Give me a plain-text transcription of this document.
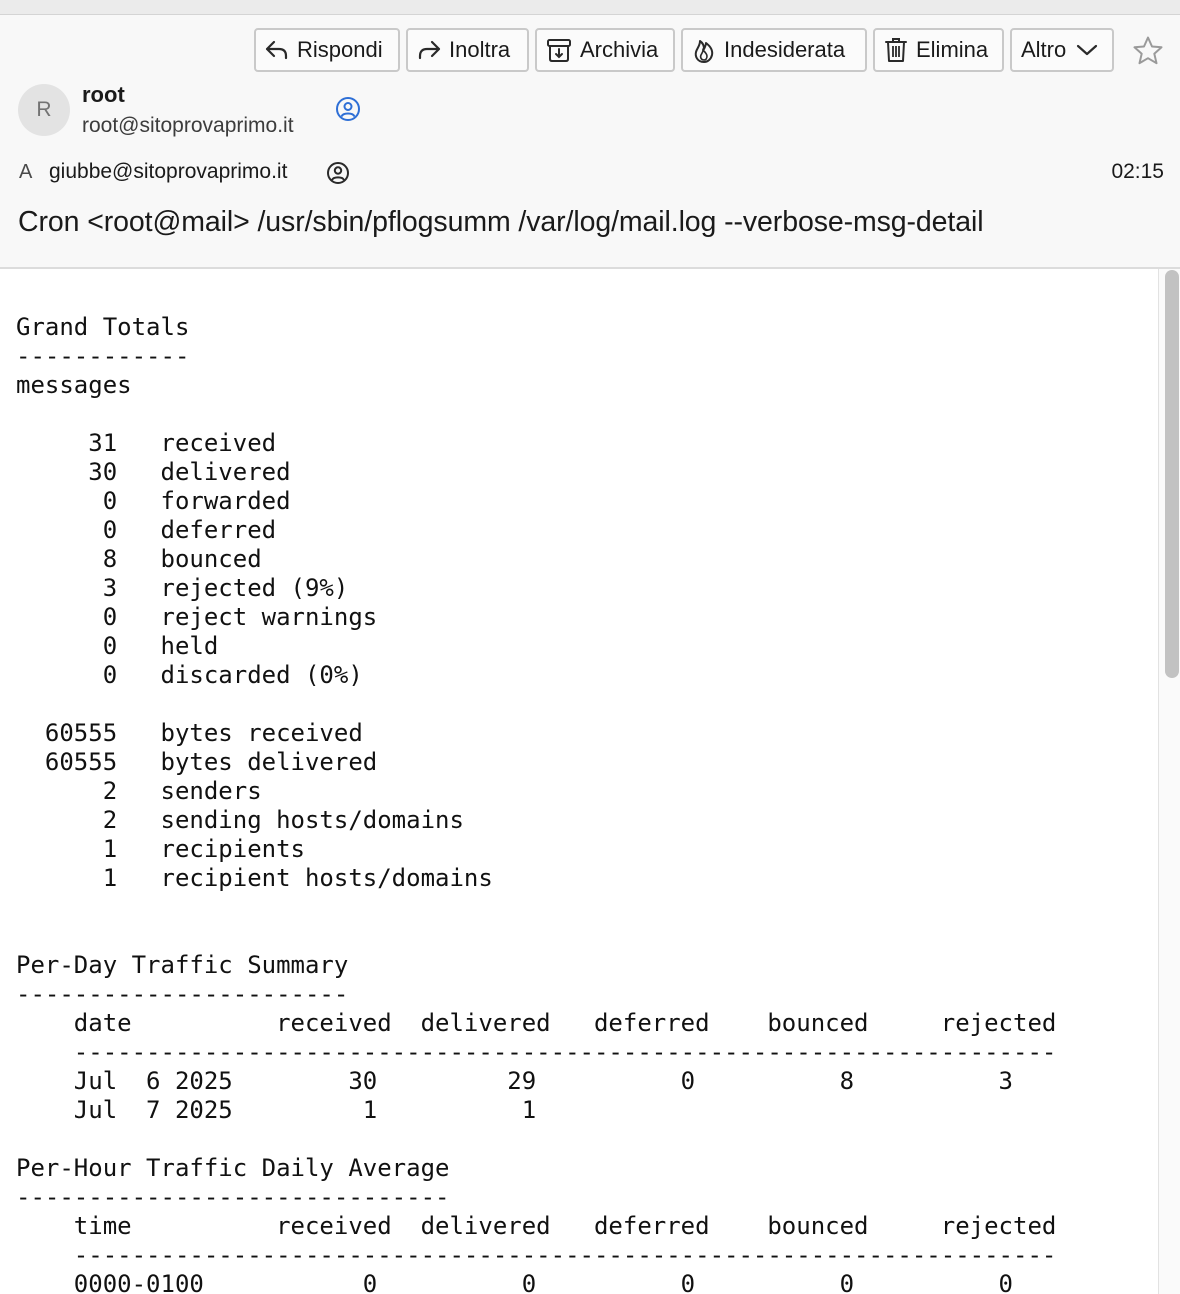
Rispondi	Inoltra	Archivia	Indesiderata	Elimina Altro
R
root
root@sitoprovaprimo.it
A giubbe@sitoprovaprimo.it	02:15
Cron <root@mail> /usr/sbin/pflogsumm /var/log/mail.log --verbose-msg-detail
Grand Totals
------------
messages

31   received
30   delivered
0   forwarded
0   deferred
8   bounced
3   rejected (9%)
0   reject warnings
0   held
0   discarded (0%)

60555   bytes received
60555   bytes delivered
2   senders
2   sending hosts/domains
1   recipients
1   recipient hosts/domains

Per-Day Traffic Summary
-----------------------
date          received  delivered   deferred    bounced     rejected
--------------------------------------------------------------------
Jul  6 2025        30         29          0          8          3
Jul  7 2025         1          1

Per-Hour Traffic Daily Average
------------------------------
time          received  delivered   deferred    bounced     rejected
--------------------------------------------------------------------
0000-0100           0          0          0          0          0
